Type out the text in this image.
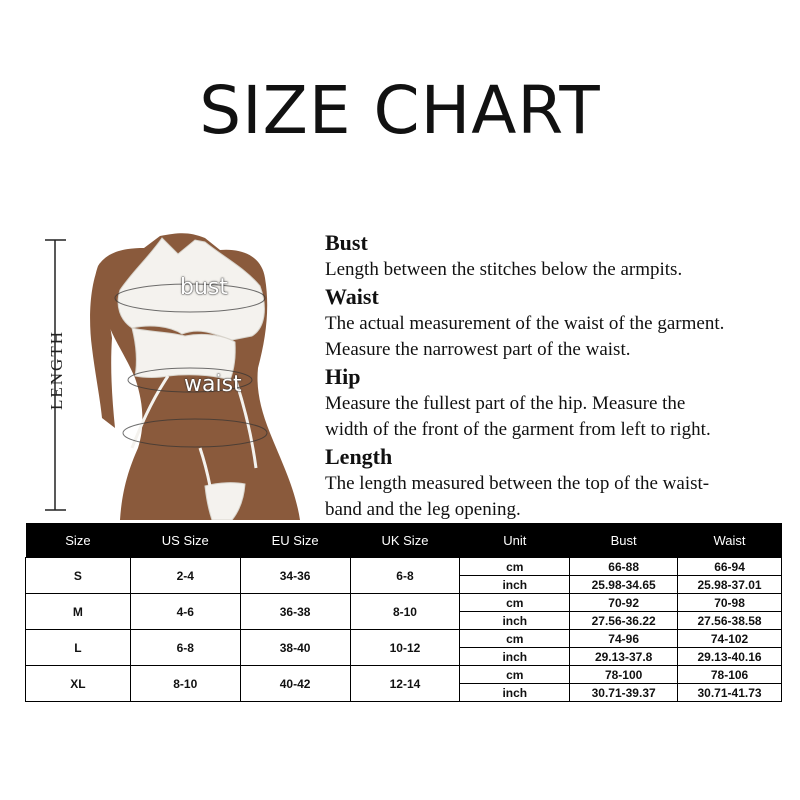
SIZE CHART
LENGTH
bust
waist
Bust
Length between the stitches below the armpits.
Waist
The actual measurement of the waist of the garment.
Measure the narrowest part of the waist.
Hip
Measure the fullest part of the hip. Measure the
width of the front of the garment from left to right.
Length
The length measured between the top of the waist-
band and the leg opening.
Size	US Size	EU Size	UK Size	Unit	Bust	Waist
S	2-4	34-36	6-8	cm	66-88	66-94
				inch	25.98-34.65	25.98-37.01
M	4-6	36-38	8-10	cm	70-92	70-98
				inch	27.56-36.22	27.56-38.58
L	6-8	38-40	10-12	cm	74-96	74-102
				inch	29.13-37.8	29.13-40.16
XL	8-10	40-42	12-14	cm	78-100	78-106
				inch	30.71-39.37	30.71-41.73
